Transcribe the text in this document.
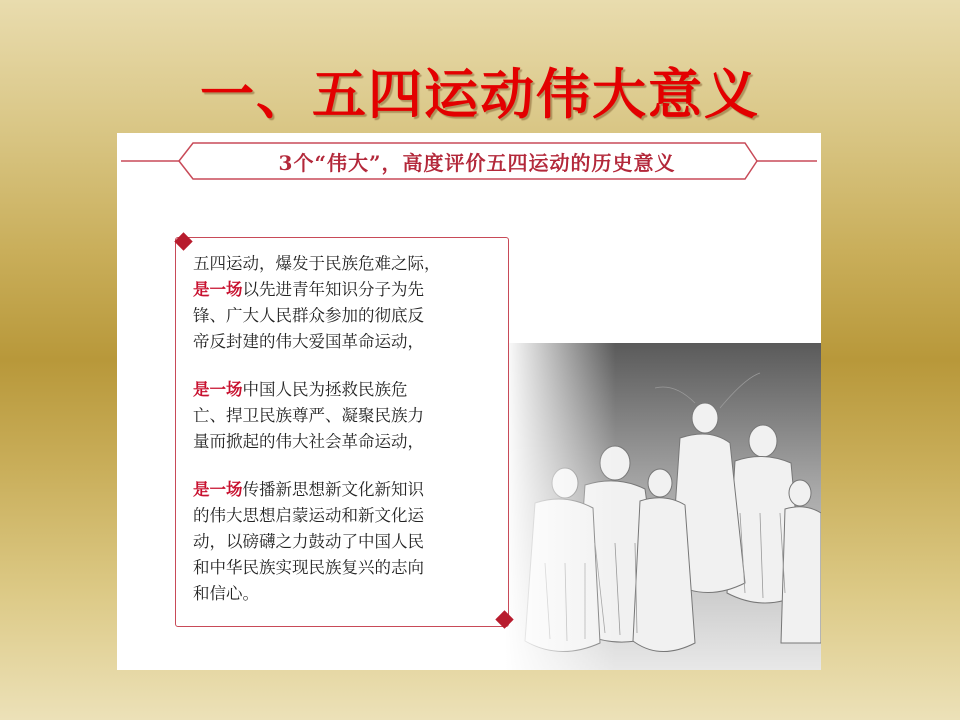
一、五四运动伟大意义
3个“伟大”，高度评价五四运动的历史意义

五四运动，爆发于民族危难之际，

是一场以先进青年知识分子为先

锋、广大人民群众参加的彻底反

帝反封建的伟大爱国革命运动，

是一场中国人民为拯救民族危

亡、捍卫民族尊严、凝聚民族力

量而掀起的伟大社会革命运动，

是一场传播新思想新文化新知识

的伟大思想启蒙运动和新文化运

动，以磅礴之力鼓动了中国人民

和中华民族实现民族复兴的志向

和信心。
